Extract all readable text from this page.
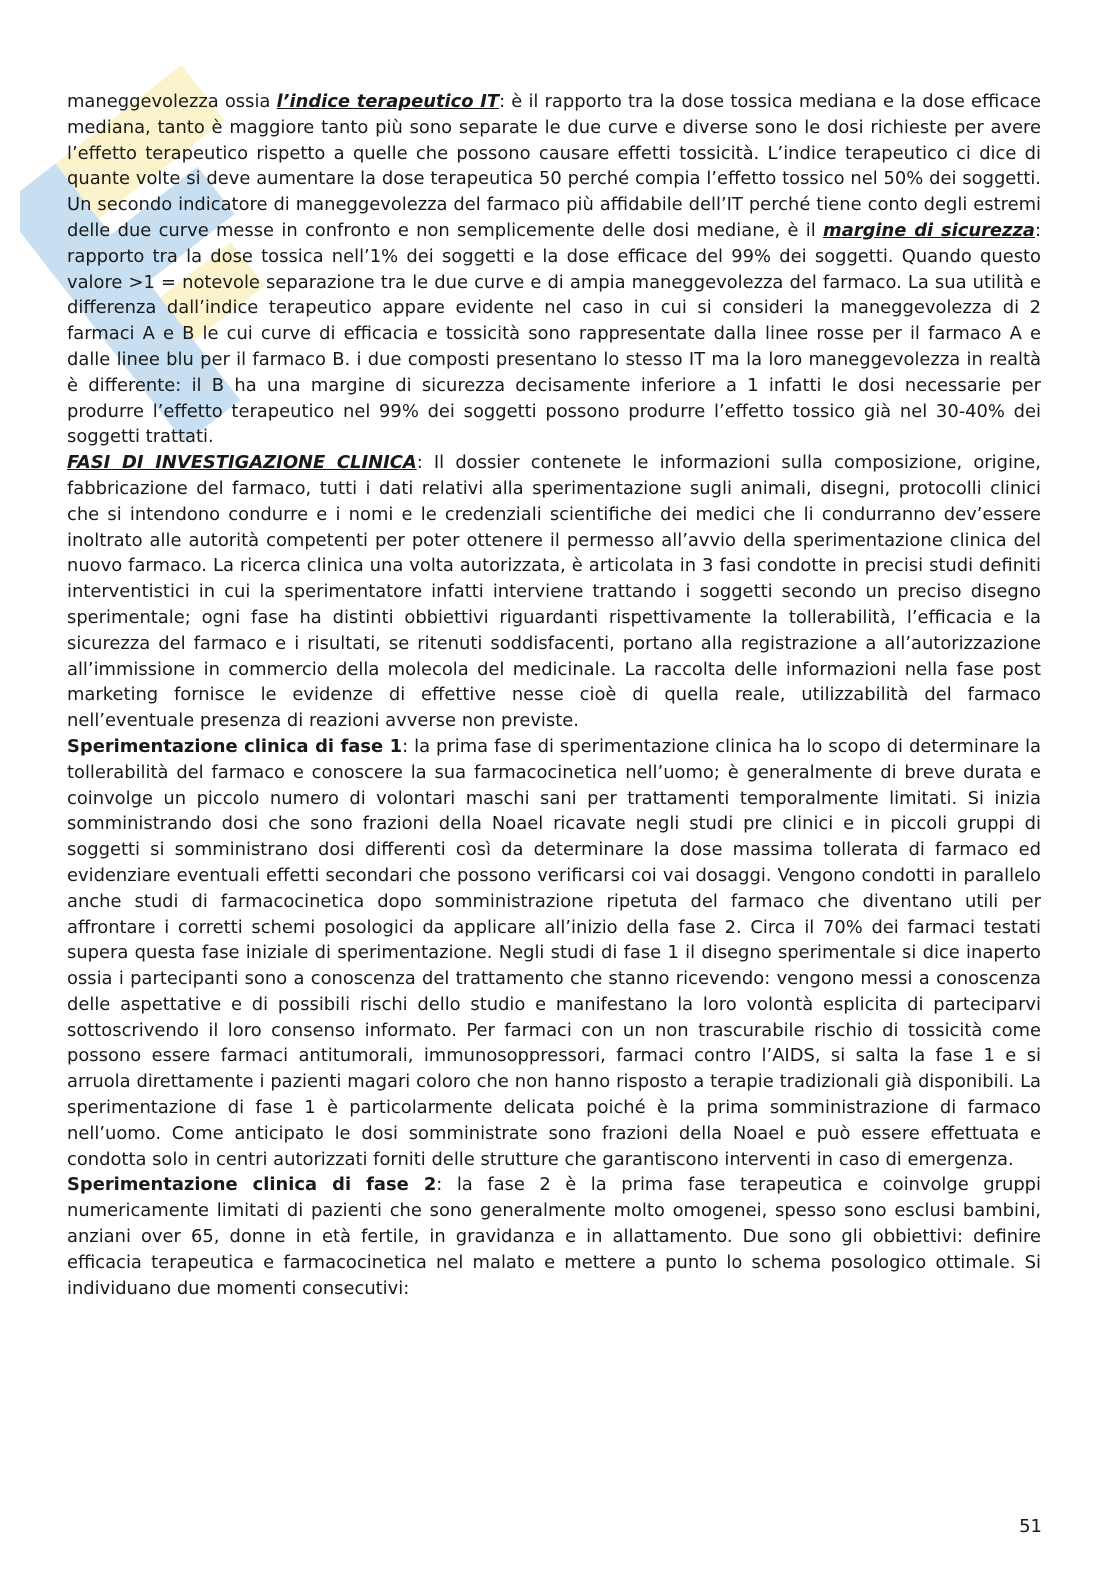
maneggevolezza ossia l’indice terapeutico IT: è il rapporto tra la dose tossica mediana e la dose efficace mediana, tanto è maggiore tanto più sono separate le due curve e diverse sono le dosi richieste per avere l’effetto terapeutico rispetto a quelle che possono causare effetti tossicità. L’indice terapeutico ci dice di quante volte si deve aumentare la dose terapeutica 50 perché compia l’effetto tossico nel 50% dei soggetti. Un secondo indicatore di maneggevolezza del farmaco più affidabile dell’IT perché tiene conto degli estremi delle due curve messe in confronto e non semplicemente delle dosi mediane, è il margine di sicurezza: rapporto tra la dose tossica nell’1% dei soggetti e la dose efficace del 99% dei soggetti. Quando questo valore >1 = notevole separazione tra le due curve e di ampia maneggevolezza del farmaco. La sua utilità e differenza dall’indice terapeutico appare evidente nel caso in cui si consideri la maneggevolezza di 2 farmaci A e B le cui curve di efficacia e tossicità sono rappresentate dalla linee rosse per il farmaco A e dalle linee blu per il farmaco B. i due composti presentano lo stesso IT ma la loro maneggevolezza in realtà è differente: il B ha una margine di sicurezza decisamente inferiore a 1 infatti le dosi necessarie per produrre l’effetto terapeutico nel 99% dei soggetti possono produrre l’effetto tossico già nel 30-40% dei soggetti trattati.

FASI DI INVESTIGAZIONE CLINICA: Il dossier contenete le informazioni sulla composizione, origine, fabbricazione del farmaco, tutti i dati relativi alla sperimentazione sugli animali, disegni, protocolli clinici che si intendono condurre e i nomi e le credenziali scientifiche dei medici che li condurranno dev’essere inoltrato alle autorità competenti per poter ottenere il permesso all’avvio della sperimentazione clinica del nuovo farmaco. La ricerca clinica una volta autorizzata, è articolata in 3 fasi condotte in precisi studi definiti interventistici in cui la sperimentatore infatti interviene trattando i soggetti secondo un preciso disegno sperimentale; ogni fase ha distinti obbiettivi riguardanti rispettivamente la tollerabilità, l’efficacia e la sicurezza del farmaco e i risultati, se ritenuti soddisfacenti, portano alla registrazione a all’autorizzazione all’immissione in commercio della molecola del medicinale. La raccolta delle informazioni nella fase post marketing fornisce le evidenze di effettive nesse cioè di quella reale, utilizzabilità del farmaco nell’eventuale presenza di reazioni avverse non previste.

Sperimentazione clinica di fase 1: la prima fase di sperimentazione clinica ha lo scopo di determinare la tollerabilità del farmaco e conoscere la sua farmacocinetica nell’uomo; è generalmente di breve durata e coinvolge un piccolo numero di volontari maschi sani per trattamenti temporalmente limitati. Si inizia somministrando dosi che sono frazioni della Noael ricavate negli studi pre clinici e in piccoli gruppi di soggetti si somministrano dosi differenti così da determinare la dose massima tollerata di farmaco ed evidenziare eventuali effetti secondari che possono verificarsi coi vai dosaggi. Vengono condotti in parallelo anche studi di farmacocinetica dopo somministrazione ripetuta del farmaco che diventano utili per affrontare i corretti schemi posologici da applicare all’inizio della fase 2. Circa il 70% dei farmaci testati supera questa fase iniziale di sperimentazione. Negli studi di fase 1 il disegno sperimentale si dice inaperto ossia i partecipanti sono a conoscenza del trattamento che stanno ricevendo: vengono messi a conoscenza delle aspettative e di possibili rischi dello studio e manifestano la loro volontà esplicita di parteciparvi sottoscrivendo il loro consenso informato. Per farmaci con un non trascurabile rischio di tossicità come possono essere farmaci antitumorali, immunosoppressori, farmaci contro l’AIDS, si salta la fase 1 e si arruola direttamente i pazienti magari coloro che non hanno risposto a terapie tradizionali già disponibili. La sperimentazione di fase 1 è particolarmente delicata poiché è la prima somministrazione di farmaco nell’uomo. Come anticipato le dosi somministrate sono frazioni della Noael e può essere effettuata e condotta solo in centri autorizzati forniti delle strutture che garantiscono interventi in caso di emergenza.

Sperimentazione clinica di fase 2: la fase 2 è la prima fase terapeutica e coinvolge gruppi numericamente limitati di pazienti che sono generalmente molto omogenei, spesso sono esclusi bambini, anziani over 65, donne in età fertile, in gravidanza e in allattamento. Due sono gli obbiettivi: definire efficacia terapeutica e farmacocinetica nel malato e mettere a punto lo schema posologico ottimale. Si individuano due momenti consecutivi:

51
